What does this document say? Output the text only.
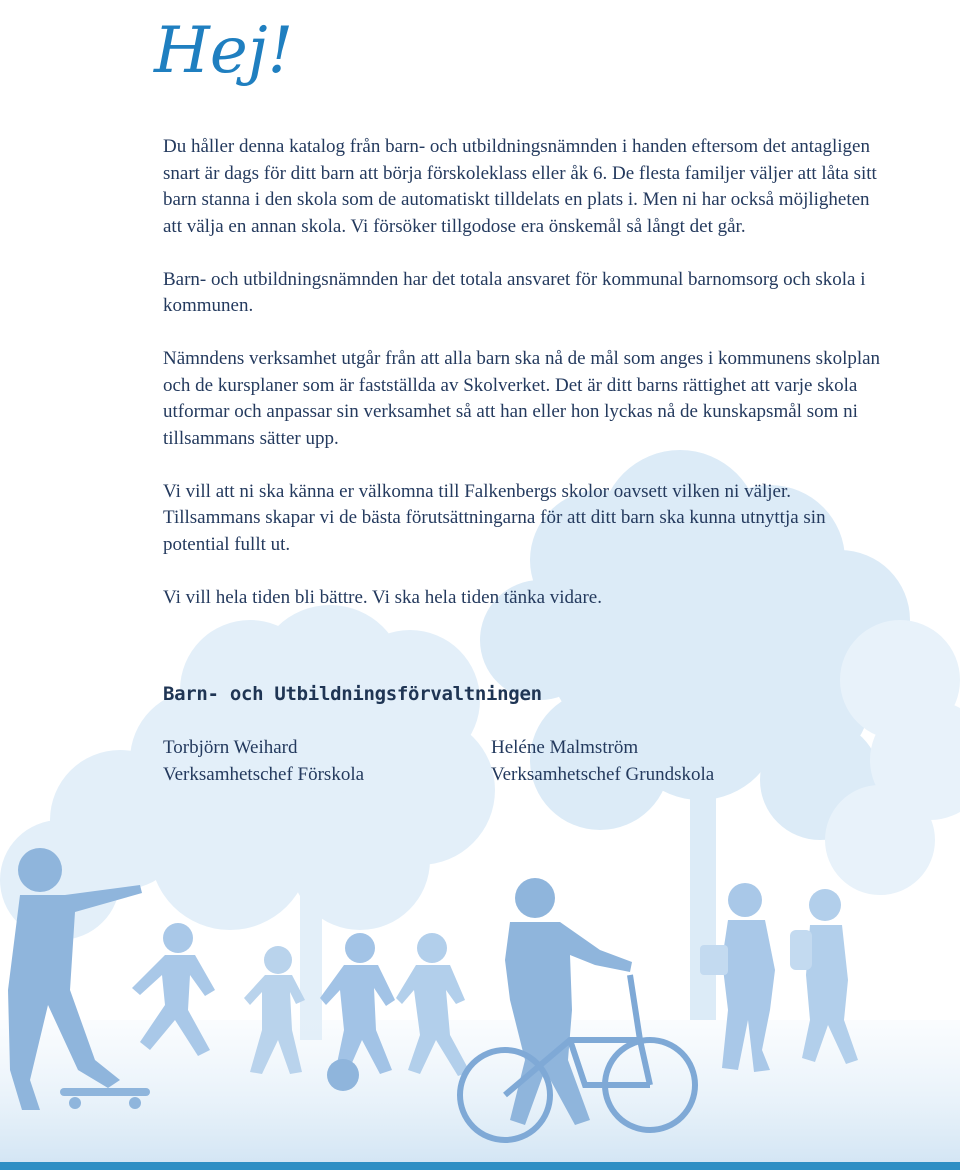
Hej!

Du håller denna katalog från barn- och utbildningsnämnden i handen eftersom det antagligen snart är dags för ditt barn att börja förskoleklass eller åk 6. De flesta familjer väljer att låta sitt barn stanna i den skola som de automatiskt tilldelats en plats i. Men ni har också möjligheten att välja en annan skola. Vi försöker tillgodose era önskemål så långt det går.

Barn- och utbildningsnämnden har det totala ansvaret för kommunal barnomsorg och skola i kommunen.

Nämndens verksamhet utgår från att alla barn ska nå de mål som anges i kommunens skolplan och de kursplaner som är fastställda av Skolverket. Det är ditt barns rättighet att varje skola utformar och anpassar sin verksamhet så att han eller hon lyckas nå de kunskapsmål som ni tillsammans sätter upp.

Vi vill att ni ska känna er välkomna till Falkenbergs skolor oavsett vilken ni väljer. Tillsammans skapar vi de bästa förutsättningarna för att ditt barn ska kunna utnyttja sin potential fullt ut.

Vi vill hela tiden bli bättre. Vi ska hela tiden tänka vidare.

Barn- och Utbildningsförvaltningen
Torbjörn Weihard
Verksamhetschef Förskola
Heléne Malmström
Verksamhetschef Grundskola
